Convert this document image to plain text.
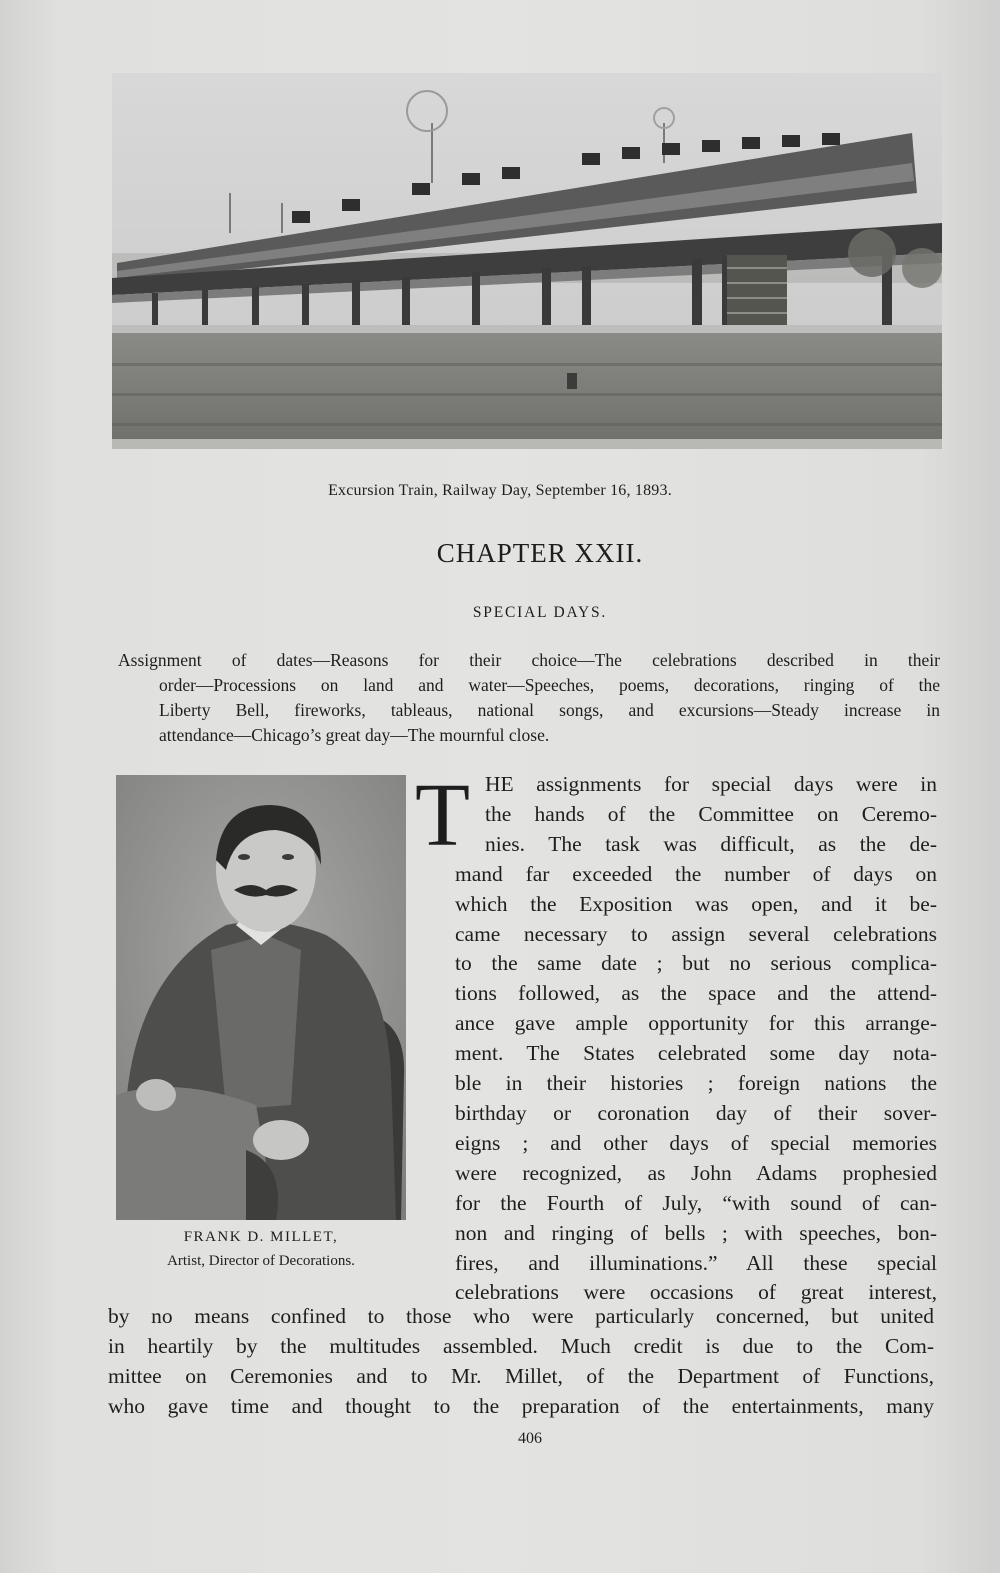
Excursion Train, Railway Day, September 16, 1893.
CHAPTER XXII.
SPECIAL DAYS.
Assignment of dates—Reasons for their choice—The celebrations described in their
order—Processions on land and water—Speeches, poems, decorations, ringing of the
Liberty Bell, fireworks, tableaus, national songs, and excursions—Steady increase in
attendance—Chicago’s great day—The mournful close.
FRANK D. MILLET,
Artist, Director of Decorations.
T HE assignments for special days were in
the hands of the Committee on Ceremo-
nies. The task was difficult, as the de-
mand far exceeded the number of days on
which the Exposition was open, and it be-
came necessary to assign several celebrations
to the same date ; but no serious complica-
tions followed, as the space and the attend-
ance gave ample opportunity for this arrange-
ment. The States celebrated some day nota-
ble in their histories ; foreign nations the
birthday or coronation day of their sover-
eigns ; and other days of special memories
were recognized, as John Adams prophesied
for the Fourth of July, “with sound of can-
non and ringing of bells ; with speeches, bon-
fires, and illuminations.” All these special
celebrations were occasions of great interest,
by no means confined to those who were particularly concerned, but united
in heartily by the multitudes assembled. Much credit is due to the Com-
mittee on Ceremonies and to Mr. Millet, of the Department of Functions,
who gave time and thought to the preparation of the entertainments, many
406
